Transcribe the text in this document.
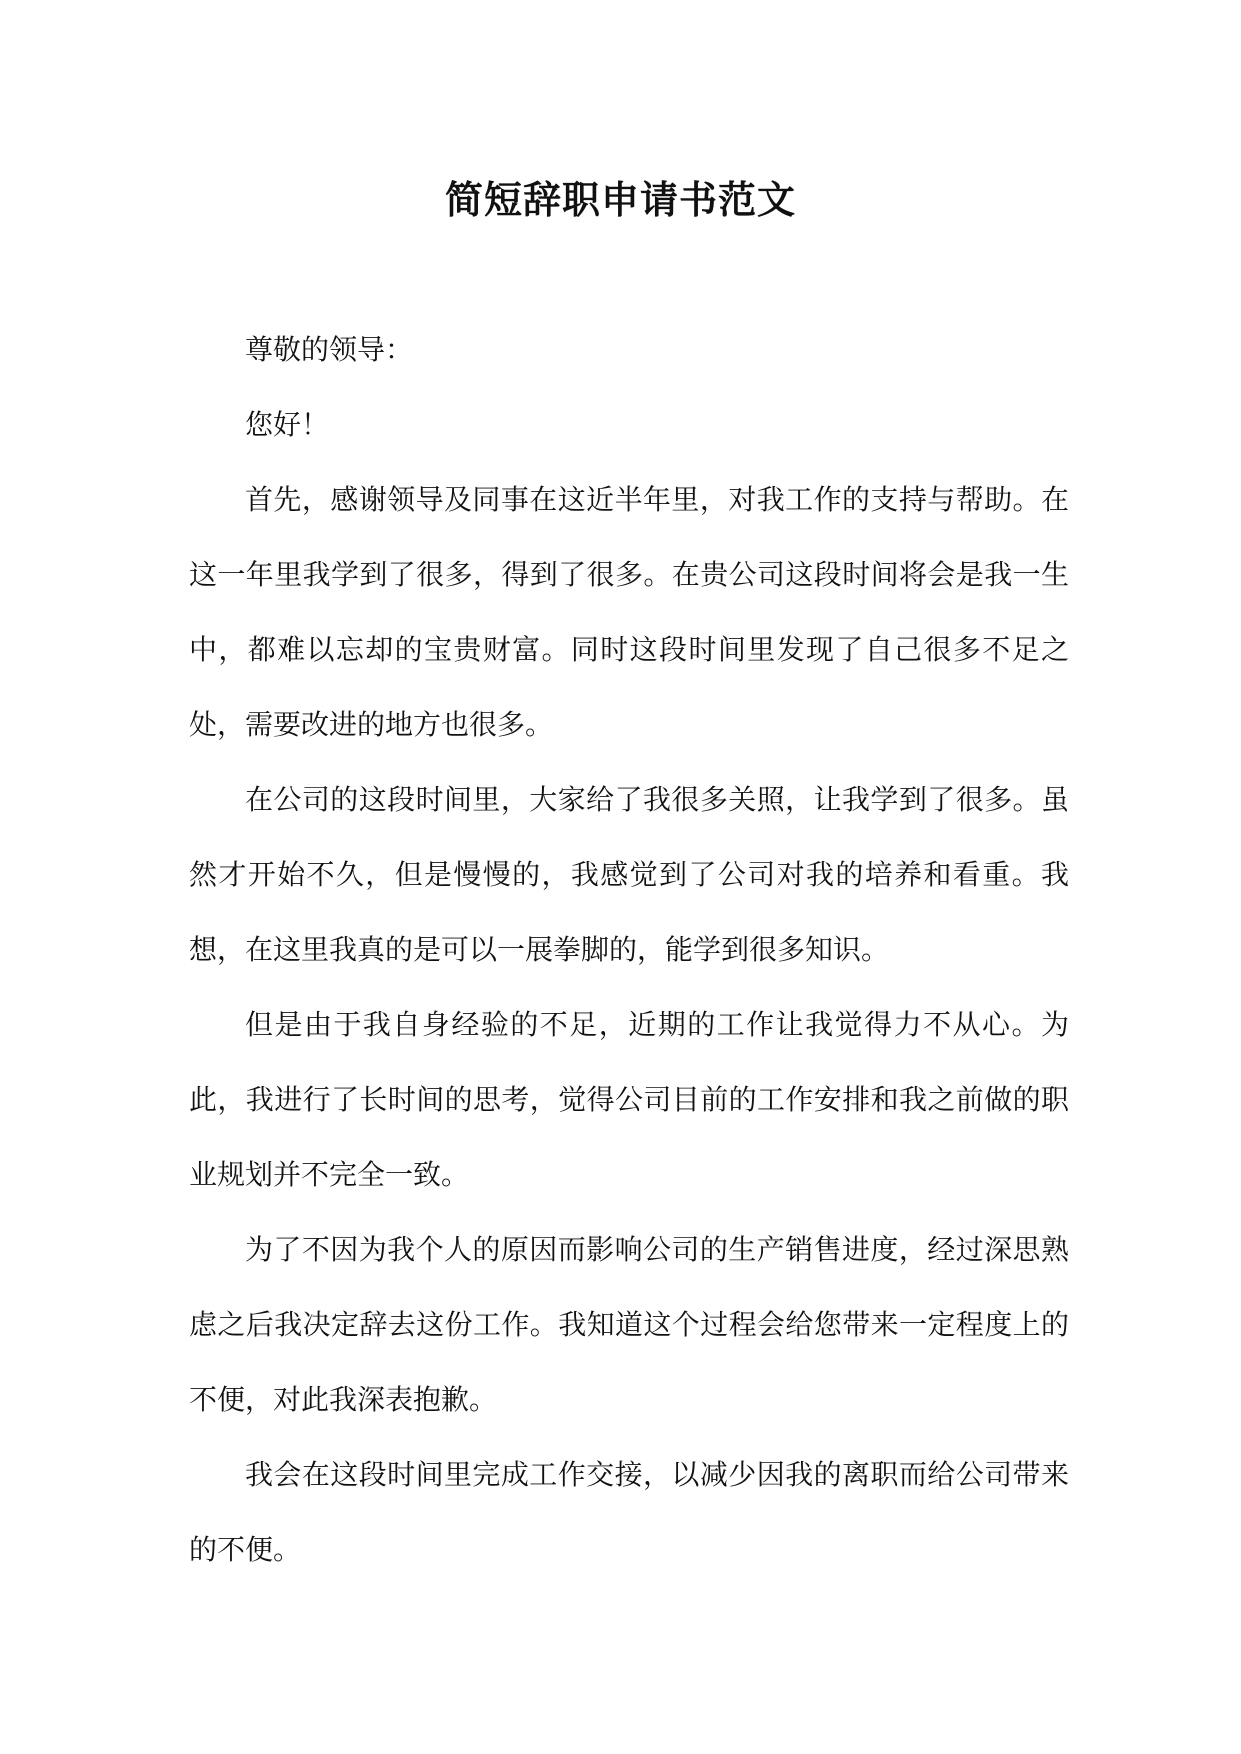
简短辞职申请书范文

尊敬的领导：

您好！

首先，感谢领导及同事在这近半年里，对我工作的支持与帮助。在这一年里我学到了很多，得到了很多。在贵公司这段时间将会是我一生中，都难以忘却的宝贵财富。同时这段时间里发现了自己很多不足之处，需要改进的地方也很多。

在公司的这段时间里，大家给了我很多关照，让我学到了很多。虽然才开始不久，但是慢慢的，我感觉到了公司对我的培养和看重。我想，在这里我真的是可以一展拳脚的，能学到很多知识。

但是由于我自身经验的不足，近期的工作让我觉得力不从心。为此，我进行了长时间的思考，觉得公司目前的工作安排和我之前做的职业规划并不完全一致。

为了不因为我个人的原因而影响公司的生产销售进度，经过深思熟虑之后我决定辞去这份工作。我知道这个过程会给您带来一定程度上的不便，对此我深表抱歉。

我会在这段时间里完成工作交接，以减少因我的离职而给公司带来的不便。
